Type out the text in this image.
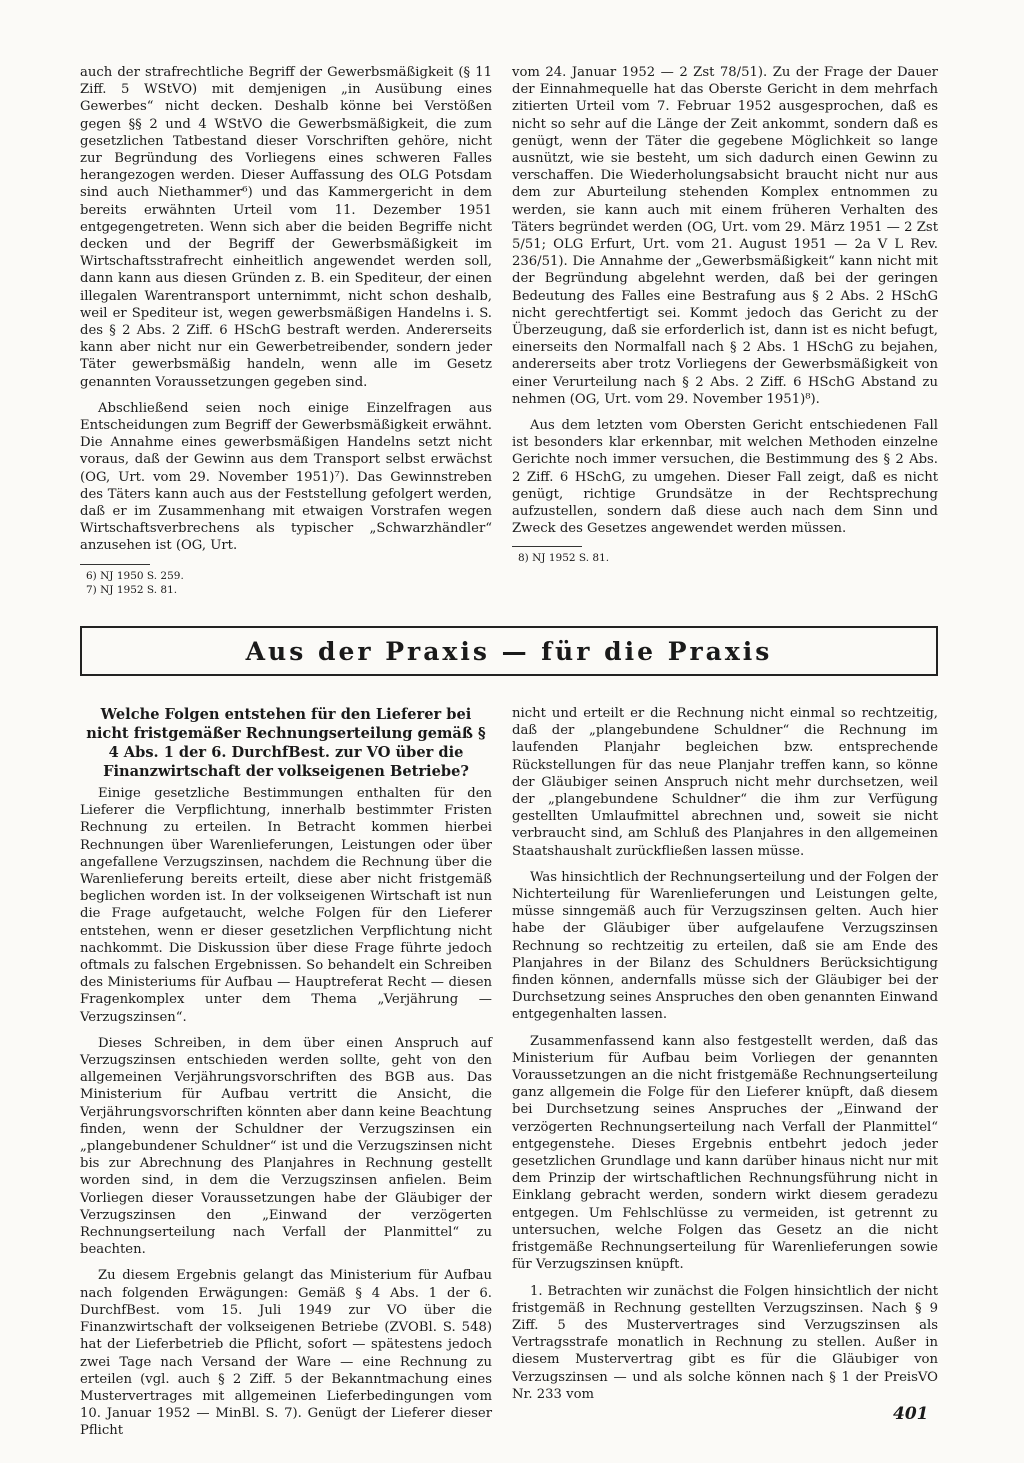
auch der strafrechtliche Begriff der Gewerbsmäßigkeit (§ 11 Ziff. 5 WStVO) mit demjenigen „in Ausübung eines Gewerbes“ nicht decken. Deshalb könne bei Verstößen gegen §§ 2 und 4 WStVO die Gewerbsmäßigkeit, die zum gesetzlichen Tatbestand dieser Vorschriften gehöre, nicht zur Begründung des Vorliegens eines schweren Falles herangezogen werden. Dieser Auffassung des OLG Potsdam sind auch Niethammer⁶) und das Kammergericht in dem bereits erwähnten Urteil vom 11. Dezember 1951 entgegengetreten. Wenn sich aber die beiden Begriffe nicht decken und der Begriff der Gewerbsmäßigkeit im Wirtschaftsstrafrecht einheitlich angewendet werden soll, dann kann aus diesen Gründen z. B. ein Spediteur, der einen illegalen Warentransport unternimmt, nicht schon deshalb, weil er Spediteur ist, wegen gewerbsmäßigen Handelns i. S. des § 2 Abs. 2 Ziff. 6 HSchG bestraft werden. Andererseits kann aber nicht nur ein Gewerbetreibender, sondern jeder Täter gewerbsmäßig handeln, wenn alle im Gesetz genannten Voraussetzungen gegeben sind.

Abschließend seien noch einige Einzelfragen aus Entscheidungen zum Begriff der Gewerbsmäßigkeit erwähnt. Die Annahme eines gewerbsmäßigen Handelns setzt nicht voraus, daß der Gewinn aus dem Transport selbst erwächst (OG, Urt. vom 29. November 1951)⁷). Das Gewinnstreben des Täters kann auch aus der Feststellung gefolgert werden, daß er im Zusammenhang mit etwaigen Vorstrafen wegen Wirtschaftsverbrechens als typischer „Schwarzhändler“ anzusehen ist (OG, Urt.

6) NJ 1950 S. 259.
7) NJ 1952 S. 81.

vom 24. Januar 1952 — 2 Zst 78/51). Zu der Frage der Dauer der Einnahmequelle hat das Oberste Gericht in dem mehrfach zitierten Urteil vom 7. Februar 1952 ausgesprochen, daß es nicht so sehr auf die Länge der Zeit ankommt, sondern daß es genügt, wenn der Täter die gegebene Möglichkeit so lange ausnützt, wie sie besteht, um sich dadurch einen Gewinn zu verschaffen. Die Wiederholungsabsicht braucht nicht nur aus dem zur Aburteilung stehenden Komplex entnommen zu werden, sie kann auch mit einem früheren Verhalten des Täters begründet werden (OG, Urt. vom 29. März 1951 — 2 Zst 5/51; OLG Erfurt, Urt. vom 21. August 1951 — 2a V L Rev. 236/51). Die Annahme der „Gewerbsmäßigkeit“ kann nicht mit der Begründung abgelehnt werden, daß bei der geringen Bedeutung des Falles eine Bestrafung aus § 2 Abs. 2 HSchG nicht gerechtfertigt sei. Kommt jedoch das Gericht zu der Überzeugung, daß sie erforderlich ist, dann ist es nicht befugt, einerseits den Normalfall nach § 2 Abs. 1 HSchG zu bejahen, andererseits aber trotz Vorliegens der Gewerbsmäßigkeit von einer Verurteilung nach § 2 Abs. 2 Ziff. 6 HSchG Abstand zu nehmen (OG, Urt. vom 29. November 1951)⁸).

Aus dem letzten vom Obersten Gericht entschiedenen Fall ist besonders klar erkennbar, mit welchen Methoden einzelne Gerichte noch immer versuchen, die Bestimmung des § 2 Abs. 2 Ziff. 6 HSchG, zu umgehen. Dieser Fall zeigt, daß es nicht genügt, richtige Grundsätze in der Rechtsprechung aufzustellen, sondern daß diese auch nach dem Sinn und Zweck des Gesetzes angewendet werden müssen.

8) NJ 1952 S. 81.
Aus der Praxis — für die Praxis
Welche Folgen entstehen für den Lieferer bei nicht fristgemäßer Rechnungserteilung gemäß § 4 Abs. 1 der 6. DurchfBest. zur VO über die Finanzwirtschaft der volkseigenen Betriebe?

Einige gesetzliche Bestimmungen enthalten für den Lieferer die Verpflichtung, innerhalb bestimmter Fristen Rechnung zu erteilen. In Betracht kommen hierbei Rechnungen über Warenlieferungen, Leistungen oder über angefallene Verzugszinsen, nachdem die Rechnung über die Warenlieferung bereits erteilt, diese aber nicht fristgemäß beglichen worden ist. In der volkseigenen Wirtschaft ist nun die Frage aufgetaucht, welche Folgen für den Lieferer entstehen, wenn er dieser gesetzlichen Verpflichtung nicht nachkommt. Die Diskussion über diese Frage führte jedoch oftmals zu falschen Ergebnissen. So behandelt ein Schreiben des Ministeriums für Aufbau — Hauptreferat Recht — diesen Fragenkomplex unter dem Thema „Verjährung — Verzugszinsen“.

Dieses Schreiben, in dem über einen Anspruch auf Verzugszinsen entschieden werden sollte, geht von den allgemeinen Verjährungsvorschriften des BGB aus. Das Ministerium für Aufbau vertritt die Ansicht, die Verjährungsvorschriften könnten aber dann keine Beachtung finden, wenn der Schuldner der Verzugszinsen ein „plangebundener Schuldner“ ist und die Verzugszinsen nicht bis zur Abrechnung des Planjahres in Rechnung gestellt worden sind, in dem die Verzugszinsen anfielen. Beim Vorliegen dieser Voraussetzungen habe der Gläubiger der Verzugszinsen den „Einwand der verzögerten Rechnungserteilung nach Verfall der Planmittel“ zu beachten.

Zu diesem Ergebnis gelangt das Ministerium für Aufbau nach folgenden Erwägungen: Gemäß § 4 Abs. 1 der 6. DurchfBest. vom 15. Juli 1949 zur VO über die Finanzwirtschaft der volkseigenen Betriebe (ZVOBl. S. 548) hat der Lieferbetrieb die Pflicht, sofort — spätestens jedoch zwei Tage nach Versand der Ware — eine Rechnung zu erteilen (vgl. auch § 2 Ziff. 5 der Bekanntmachung eines Mustervertrages mit allgemeinen Lieferbedingungen vom 10. Januar 1952 — MinBl. S. 7). Genügt der Lieferer dieser Pflicht

nicht und erteilt er die Rechnung nicht einmal so rechtzeitig, daß der „plangebundene Schuldner“ die Rechnung im laufenden Planjahr begleichen bzw. entsprechende Rückstellungen für das neue Planjahr treffen kann, so könne der Gläubiger seinen Anspruch nicht mehr durchsetzen, weil der „plangebundene Schuldner“ die ihm zur Verfügung gestellten Umlaufmittel abrechnen und, soweit sie nicht verbraucht sind, am Schluß des Planjahres in den allgemeinen Staatshaushalt zurückfließen lassen müsse.

Was hinsichtlich der Rechnungserteilung und der Folgen der Nichterteilung für Warenlieferungen und Leistungen gelte, müsse sinngemäß auch für Verzugszinsen gelten. Auch hier habe der Gläubiger über aufgelaufene Verzugszinsen Rechnung so rechtzeitig zu erteilen, daß sie am Ende des Planjahres in der Bilanz des Schuldners Berücksichtigung finden können, andernfalls müsse sich der Gläubiger bei der Durchsetzung seines Anspruches den oben genannten Einwand entgegenhalten lassen.

Zusammenfassend kann also festgestellt werden, daß das Ministerium für Aufbau beim Vorliegen der genannten Voraussetzungen an die nicht fristgemäße Rechnungserteilung ganz allgemein die Folge für den Lieferer knüpft, daß diesem bei Durchsetzung seines Anspruches der „Einwand der verzögerten Rechnungserteilung nach Verfall der Planmittel“ entgegenstehe. Dieses Ergebnis entbehrt jedoch jeder gesetzlichen Grundlage und kann darüber hinaus nicht nur mit dem Prinzip der wirtschaftlichen Rechnungsführung nicht in Einklang gebracht werden, sondern wirkt diesem geradezu entgegen. Um Fehlschlüsse zu vermeiden, ist getrennt zu untersuchen, welche Folgen das Gesetz an die nicht fristgemäße Rechnungserteilung für Warenlieferungen sowie für Verzugszinsen knüpft.

1. Betrachten wir zunächst die Folgen hinsichtlich der nicht fristgemäß in Rechnung gestellten Verzugszinsen. Nach § 9 Ziff. 5 des Mustervertrages sind Verzugszinsen als Vertragsstrafe monatlich in Rechnung zu stellen. Außer in diesem Mustervertrag gibt es für die Gläubiger von Verzugszinsen — und als solche können nach § 1 der PreisVO Nr. 233 vom

401
